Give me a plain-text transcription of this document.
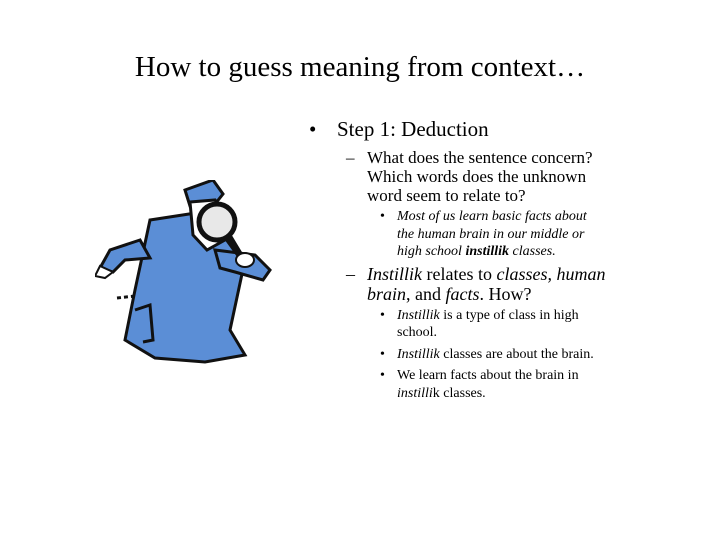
How to guess meaning from context…
• Step 1: Deduction
– What does the sentence concern?
Which words does the unknown
word seem to relate to?
• Most of us learn basic facts about
the human brain in our middle or
high school instillik classes.
– Instillik relates to classes, human
brain, and facts. How?
• Instillik is a type of class in high
school.
• Instillik classes are about the brain.
• We learn facts about the brain in
instillik classes.
